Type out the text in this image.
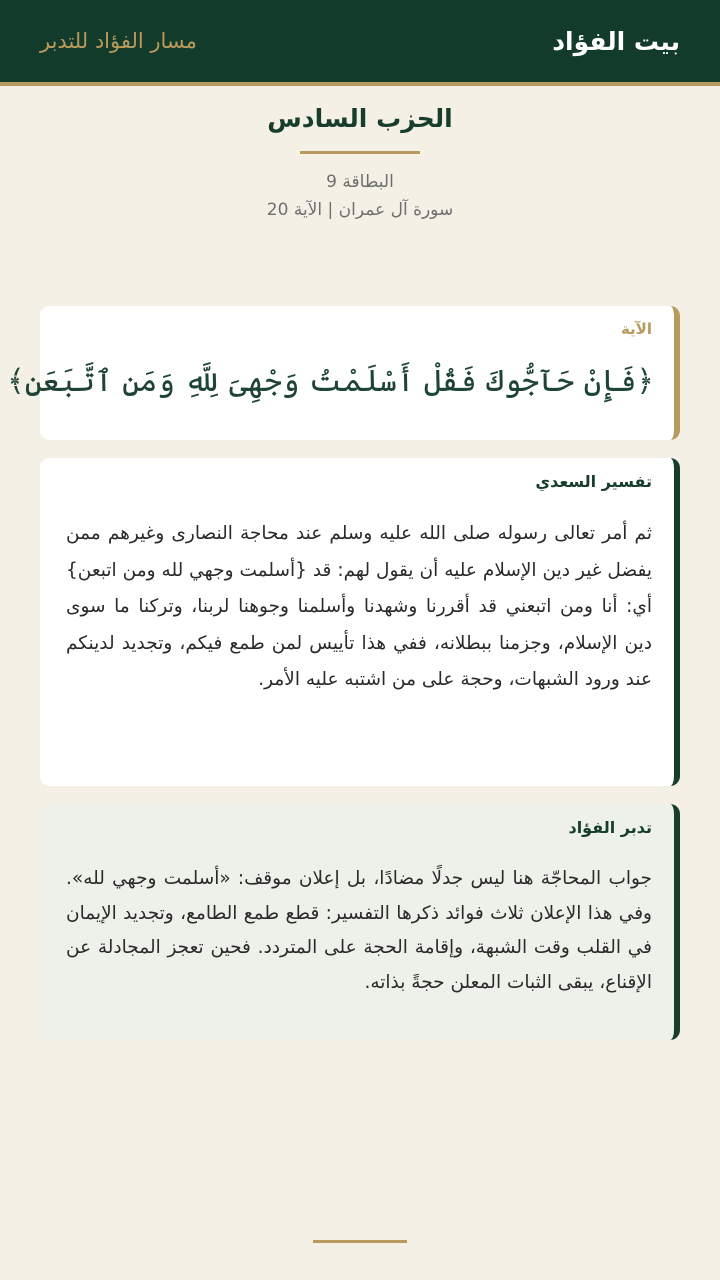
بيت الفؤاد
مسار الفؤاد للتدبر
الحزب السادس
البطاقة 9
سورة آل عمران | الآية 20
الآية
﴿فَإِنْ حَآجُّوكَ فَقُلْ أَسْلَمْتُ وَجْهِىَ لِلَّهِ وَمَنِ ٱتَّبَعَنِ﴾
تفسير السعدي
ثم أمر تعالى رسوله صلى الله عليه وسلم عند محاجة النصارى وغيرهم ممن يفضل غير دين الإسلام عليه أن يقول لهم: قد {أسلمت وجهي لله ومن اتبعن} أي: أنا ومن اتبعني قد أقررنا وشهدنا وأسلمنا وجوهنا لربنا، وتركنا ما سوى دين الإسلام، وجزمنا ببطلانه، ففي هذا تأييس لمن طمع فيكم، وتجديد لدينكم عند ورود الشبهات، وحجة على من اشتبه عليه الأمر.
تدبر الفؤاد
جواب المحاجّة هنا ليس جدلًا مضادًا، بل إعلان موقف: «أسلمت وجهي لله». وفي هذا الإعلان ثلاث فوائد ذكرها التفسير: قطع طمع الطامع، وتجديد الإيمان في القلب وقت الشبهة، وإقامة الحجة على المتردد. فحين تعجز المجادلة عن الإقناع، يبقى الثبات المعلن حجةً بذاته.
